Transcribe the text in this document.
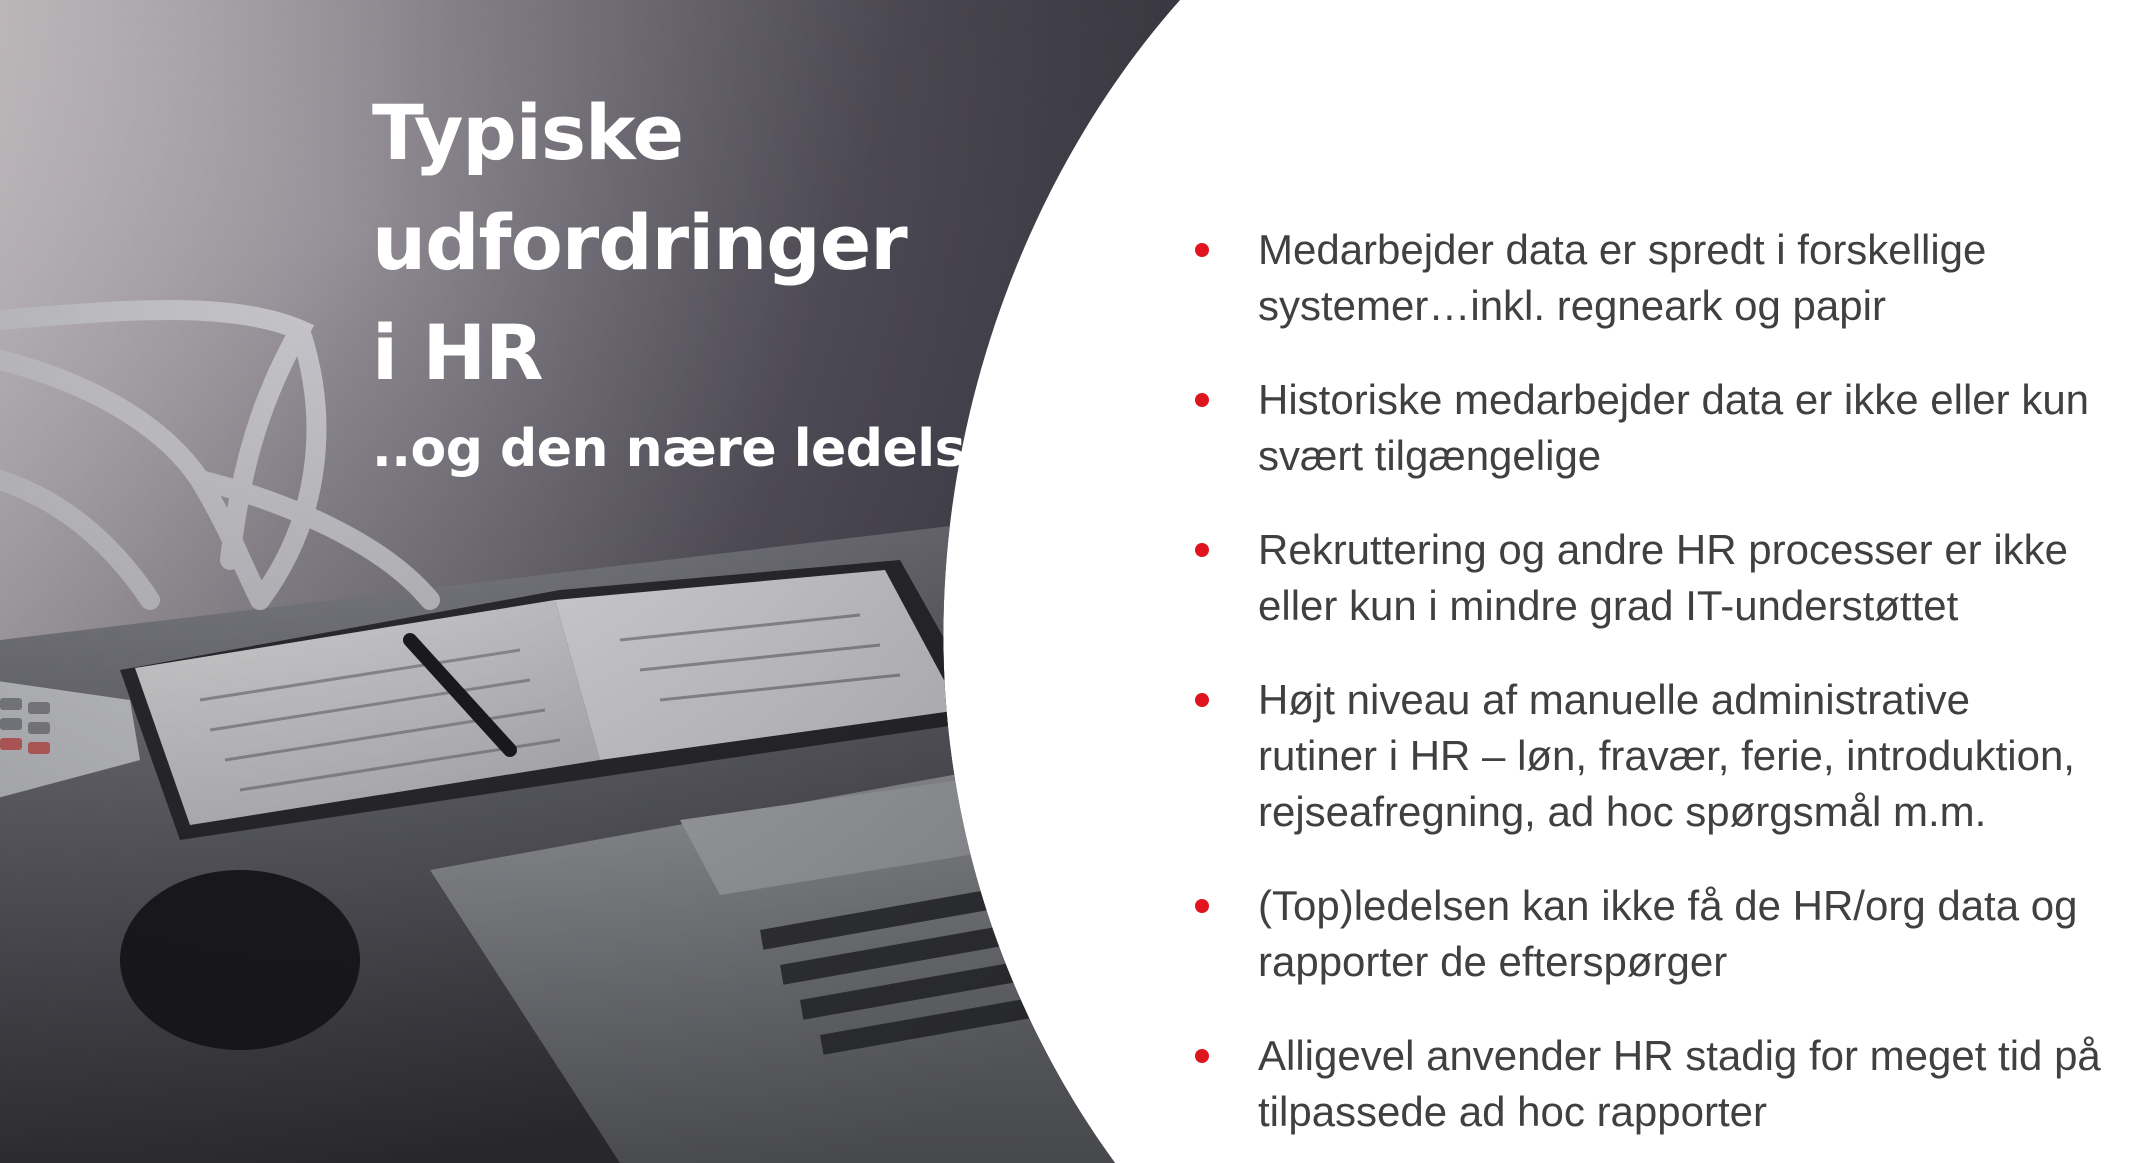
Typiske
udfordringer
i HR
..og den nære ledelse
Medarbejder data er spredt i forskellige
systemer…inkl. regneark og papir
Historiske medarbejder data er ikke eller kun
svært tilgængelige
Rekruttering og andre HR processer er ikke
eller kun i mindre grad IT-understøttet
Højt niveau af manuelle administrative
rutiner i HR – løn, fravær, ferie, introduktion,
rejseafregning, ad hoc spørgsmål m.m.
(Top)ledelsen kan ikke få de HR/org data og
rapporter de efterspørger
Alligevel anvender HR stadig for meget tid på
tilpassede ad hoc rapporter
